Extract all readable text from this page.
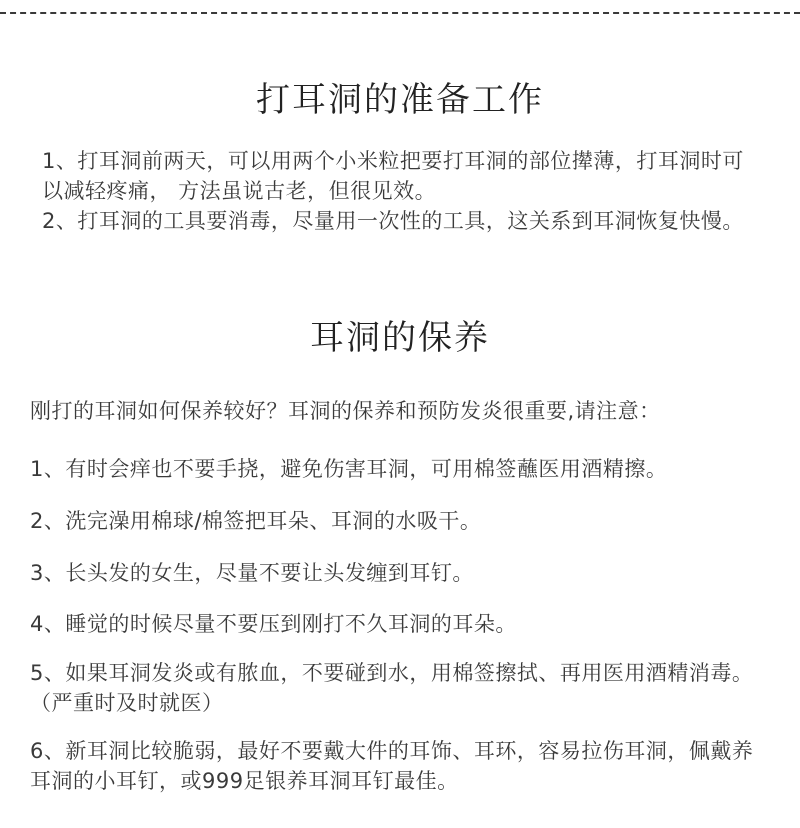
打耳洞的准备工作

1、打耳洞前两天，可以用两个小米粒把要打耳洞的部位撵薄，打耳洞时可以减轻疼痛， 方法虽说古老，但很见效。

2、打耳洞的工具要消毒，尽量用一次性的工具，这关系到耳洞恢复快慢。

耳洞的保养

刚打的耳洞如何保养较好？耳洞的保养和预防发炎很重要,请注意：

1、有时会痒也不要手挠，避免伤害耳洞，可用棉签蘸医用酒精擦。

2、洗完澡用棉球/棉签把耳朵、耳洞的水吸干。

3、长头发的女生，尽量不要让头发缠到耳钉。

4、睡觉的时候尽量不要压到刚打不久耳洞的耳朵。

5、如果耳洞发炎或有脓血，不要碰到水，用棉签擦拭、再用医用酒精消毒。（严重时及时就医）

6、新耳洞比较脆弱，最好不要戴大件的耳饰、耳环，容易拉伤耳洞，佩戴养耳洞的小耳钉，或999足银养耳洞耳钉最佳。
